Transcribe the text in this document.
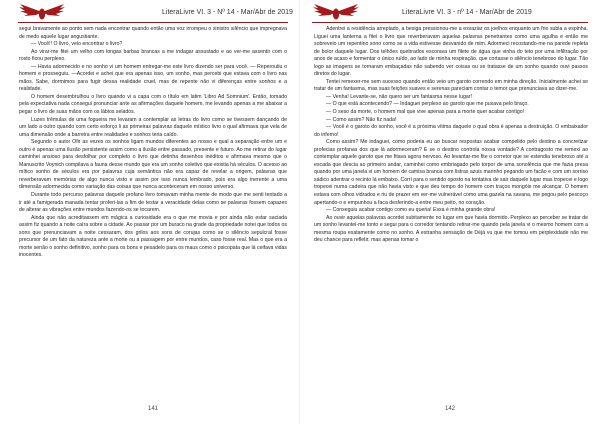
LiteraLivre VI. 3 - Nº 14 - Mar/Abr de 2019

segui bravamente ao ponto sem nada encontrar quando então uma voz irrompeu o sinistro silêncio que impregnava de medo aquele lugar angustiante.

— Você!! O livro, veio encontrar o livro?

Ao virar-me fitei um velho com longas barbas brancas a me indagar assustado e ao ver-me assentir com o rosto ficou perplexo.

— Havia adormecido e no sonho vi um homem entregar-me este livro dizendo ser para você. — Reperoutiu o homem e prosseguiu. —Acordei e achei que era apenas isso, um sonho, mas percebi que estava com o livro nas mãos. Sabe, dormimos para fugir dessa realidade cruel, mas de repente não vi diferenças entre sonhos e a realidade.

O homem desembrulhou o livro quando vi a capa com o título em latim 'Libro Ad Somnium'. Então, tomado pela expectativa nada consegui pronunciar ante as afirmações daquele homem, me levando apenas a me abaixar a pegar o livro de suas mãos com os lábios selados.

Luzes trêmulas de uma fogueira me levaram a contemplar as letras do livro como se tivessem dançando de um lado a outro quando com certo esforço li as primeiras palavras daquele místico livro o qual afirmava que vela de uma dimensão onde a barreira entre realidades e sonhos teria caído.

Segundo o autor Ofir as vezes os sonhos ligam mundos diferentes ao nosso e qual a separação entre um e outro é apenas uma ilusão persistente assim como a ilusão entre passado, presente e futuro. Ao me retirar do lugar caminhei ansioso para desfolhar por completo o livro que detinha desenhos inéditos e afirmava mesmo que o Manuscrito Voynich compilava a fauna desse mundo que era um sonho coletivo que existia há séculos. O acesso ao mítico sonho de séculos era por palavras cuja semântica não era capaz de revelar a origem, palavras que reverberavam memórias de algo nunca visto e assim por isso nunca lembrado, pois era algo inerente a uma dimensão adormecida como variação das coisas que nunca aconteceram em nosso universo.

Durante todo percurso palavras daquele profano livro tomavam minha mente de modo que me senti tentado a ir até a famigerada manada tentar proferi-las a fim de testar a veracidade delas como se palavras fossem capazes de alterar as vibrações entre mundos fazendo-os se tocarem.

Ainda que não acreditassem em mágica a curiosidade era o que me movia e por ainda não estar saciada assim fiz quando a noite caíra sobre a cidade. Ao passar por um buraco na grade da propriedade notei que todos os sons que prenunciavam a noite cessaram, dos grilos aos sons de corujas como se o silêncio sepulcral fosse precursor de um fato da natureza ante a morte ou a passagem por entre mundos, caso fosse real. Mas o que era a morte senão o sonho definitivo, sonho para os bons e pesadelo para os maus como o psicopata que lá ceifava vidas inocentes.

141
LiteraLivre VI. 3 - nº 14 - Mar/Abr de 2019

Adentrei a residência arrepiado, a bexiga pressionou-me a esvaziar os joelhos enquanto um frio subia a espinha. Liguei uma lanterna a fitei o livro que reverberavam aquelas palavras penetrantes como uma agulha e então me sobreveio um repentino sono como se a vida estivesse desvanido de mim. Adormeci recostando-me na parede repleta de bolor daquele lugar. Dos telhões quebrados escorava um filete de água que vinha do teto por uma infiltração por anos de acaso e formentar o único ruído, ao lado de minha respiração, que cortasse o silêncio tenebroso do lugar. Tão logo as imagens se tornaram embaçadas não sabendo ver coisas ou se tratasse de um sonho quando ouvi passos diretos do lugar.

Tentei remexer-me sem sucesso quando então veio um garoto correndo em minha direção. Inicialmente achei se tratar de um fantasma, mas suas feições suaves e serenas pareciam contar o temor que prenunciava ao dizer-me.

— Venha! Levante-se, não quero ser um fantasma nesse lugar!

— O que está acontecendo? — Indaguei perplexo ao garoto que me puxava pelo braço.

— O seso da morte, o homem mal que vive apenas para a morte quer acabar contigo!

— Como assim? Não fiz nada!

— Você é o garoto do sonho, você é a próxima vítima daquele o qual obra é apenas a destruição. O embaixador do inferno!

Como assim? Me indaguei, como poderia eu ao buscar respostas acabar compelido pelo destino a concretizar profecias profanas dos que lá adormeceram? E se o destino controla nossa vontade? A contragosto me remexi ao contemplar aquele garoto que me fitava agora nervoso. Ao levantar-me fite o corretor que se estendia tenebroso até a escada que descia ao primeiro andar, caminhei como embriagado pelo torpor de uma sonolência que me fazia presa quando por uma janela vi um homem de camisa branca com listras azuis marinho pegando um facão e com um sorriso sádico adentrar o recinto lá embaixo. Corri para o sentido oposto na tentativa de sair daquele lugar mas tropecei e logo tropecei numa cadeira que não havia visto e que deu tempo do homem com traços mongóis me alcançar. O homem estava com olhos vidrados e riu de prazer em ver-me vulnerável como uma gazela na savana, me pegou pelo pescoço apertando-o e empunhou a faca desferindo-a entre meu peito, no coração.

— Conseguiu acabar contigo como eu queria! Essa é minha grande obra!

Ao ouvir aquelas palavras acordei subitamente no lugar em que havia dormido. Perplexo ao perceber se tratar de um sonho levantei-me tonto e segui para o corredor tentando retirar-me quando pela janela vi o mesmo homem com a mesma roupa exatamente como no sonho. A estranha sensação de Déjà vu que me tomou em perplexidade não me deu chance para refletir, mas apenas tomar o

142
